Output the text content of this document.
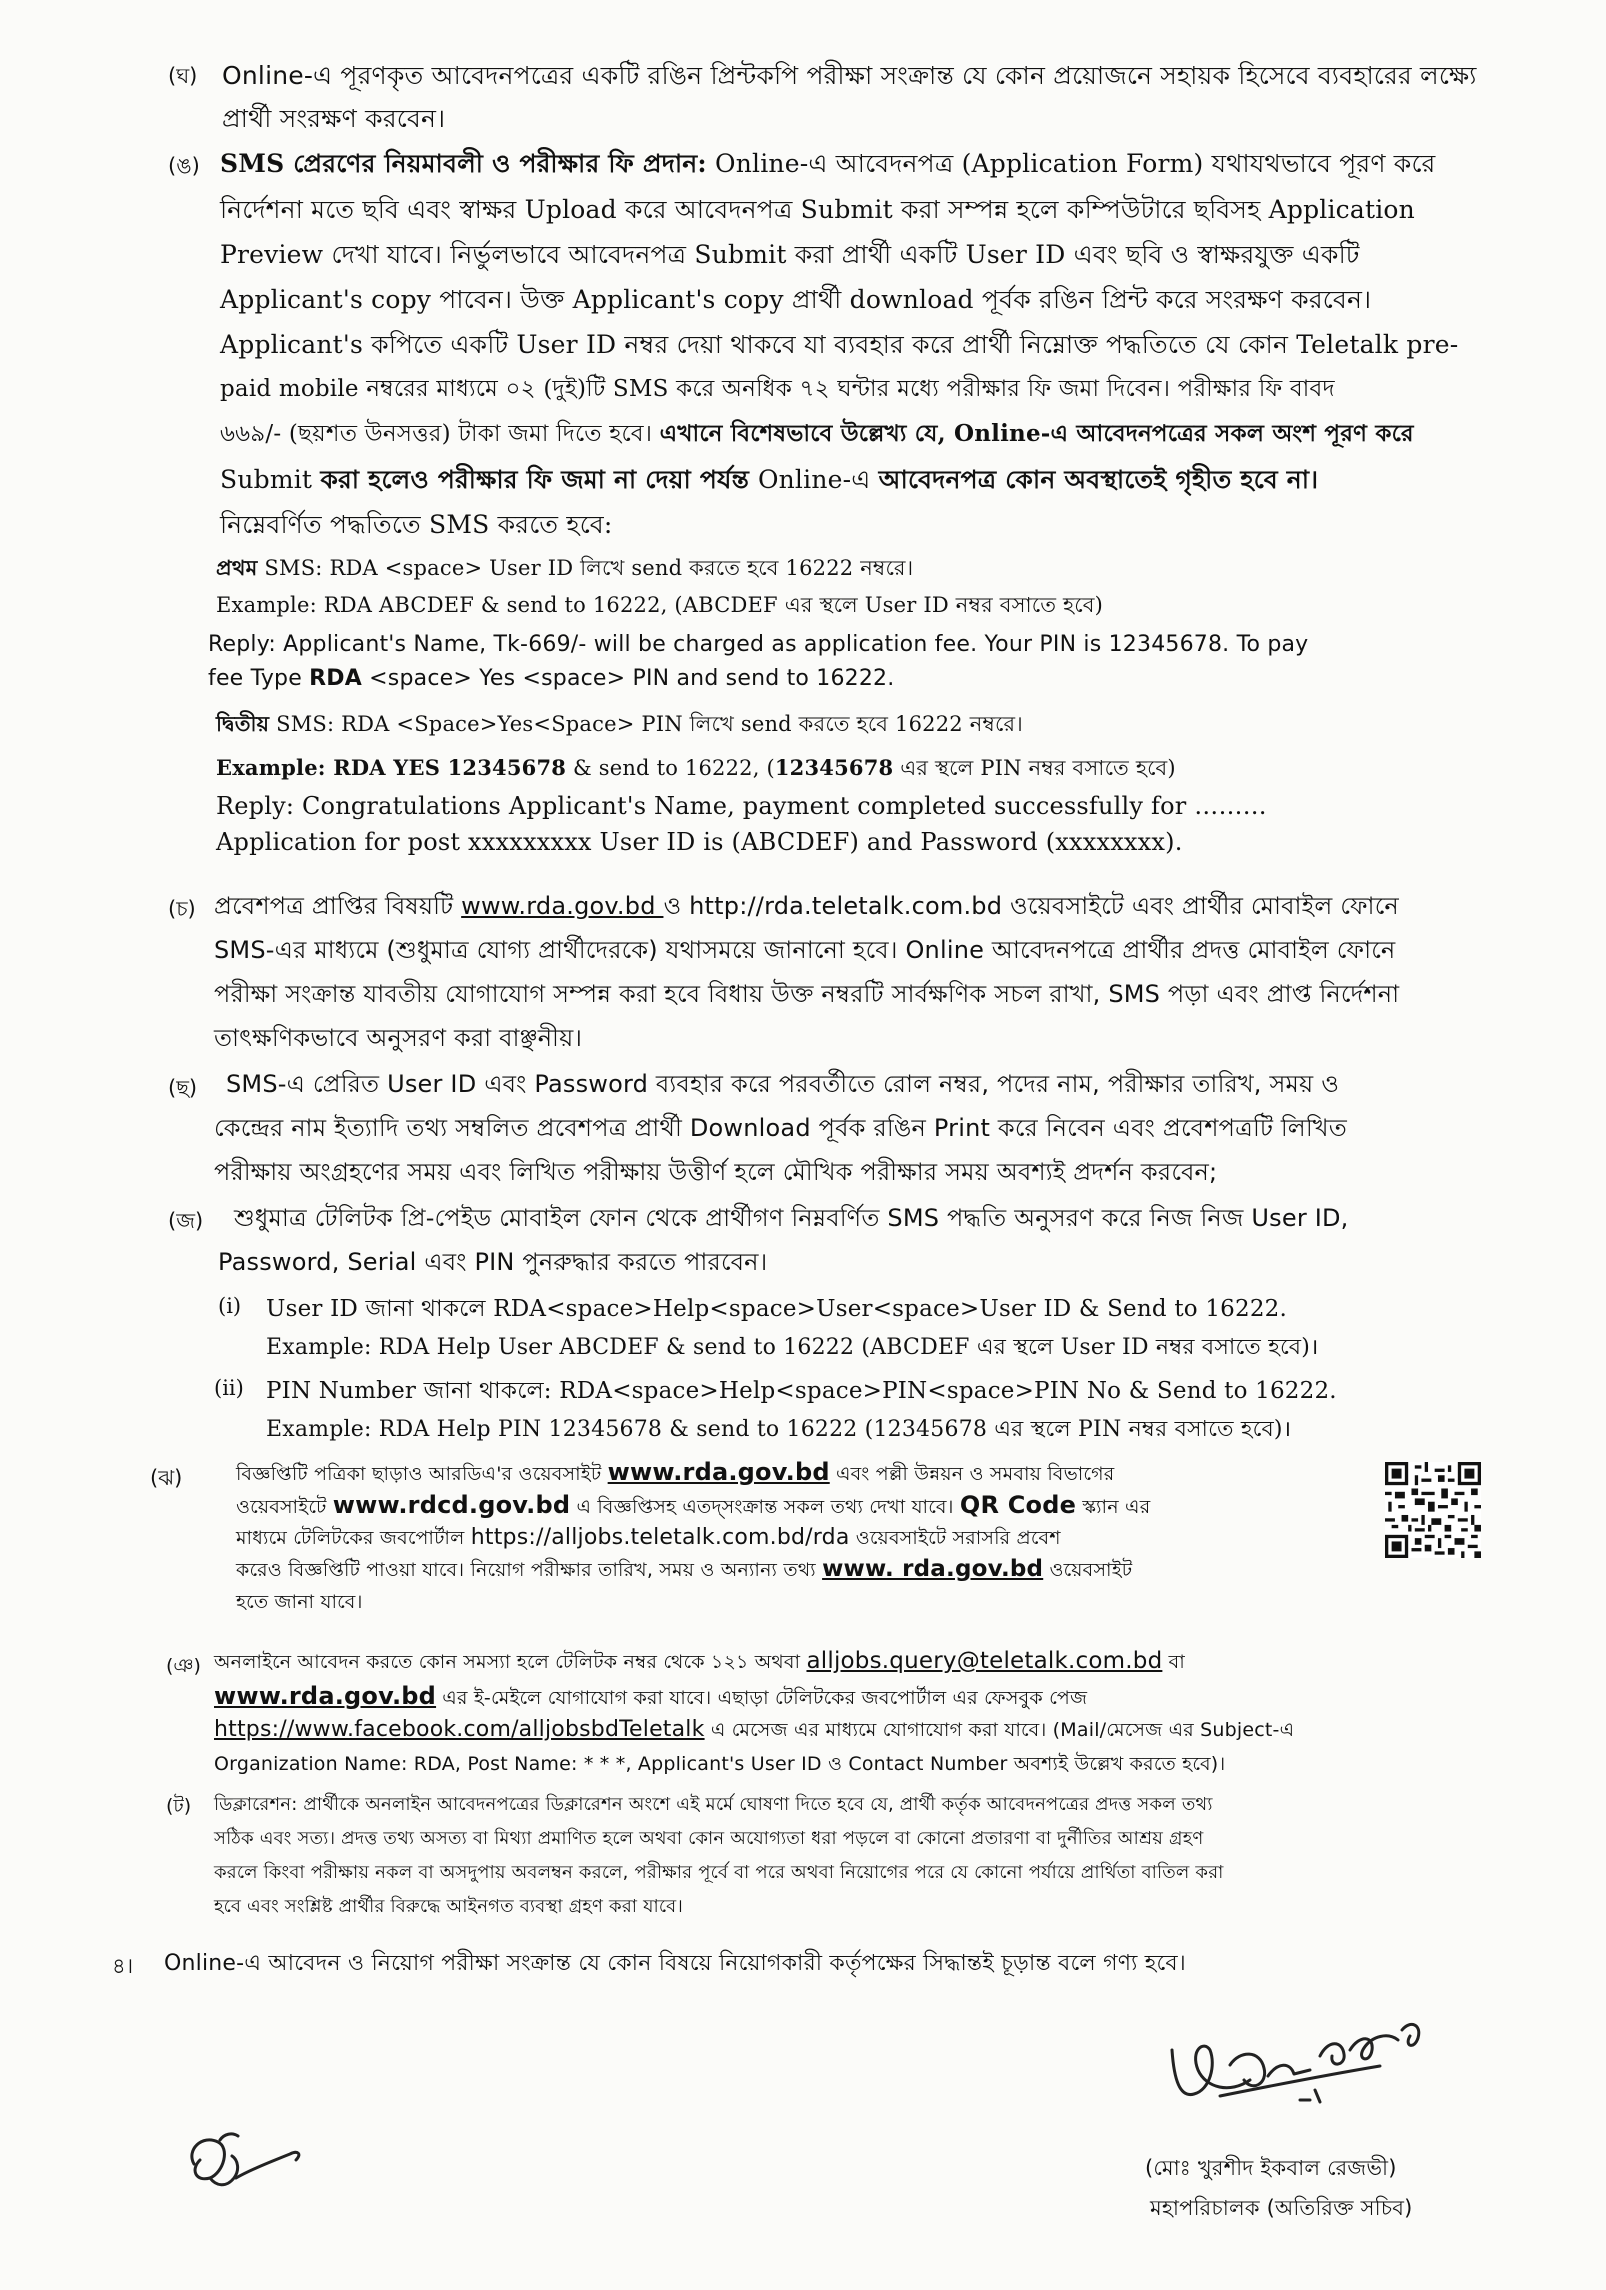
(ঘ) Online-এ পূরণকৃত আবেদনপত্রের একটি রঙিন প্রিন্টকপি পরীক্ষা সংক্রান্ত যে কোন প্রয়োজনে সহায়ক হিসেবে ব্যবহারের লক্ষ্যে
প্রার্থী সংরক্ষণ করবেন।
(ঙ) SMS প্রেরণের নিয়মাবলী ও পরীক্ষার ফি প্রদান: Online-এ আবেদনপত্র (Application Form) যথাযথভাবে পূরণ করে
নির্দেশনা মতে ছবি এবং স্বাক্ষর Upload করে আবেদনপত্র Submit করা সম্পন্ন হলে কম্পিউটারে ছবিসহ Application
Preview দেখা যাবে। নির্ভুলভাবে আবেদনপত্র Submit করা প্রার্থী একটি User ID এবং ছবি ও স্বাক্ষরযুক্ত একটি
Applicant's copy পাবেন। উক্ত Applicant's copy প্রার্থী download পূর্বক রঙিন প্রিন্ট করে সংরক্ষণ করবেন।
Applicant's কপিতে একটি User ID নম্বর দেয়া থাকবে যা ব্যবহার করে প্রার্থী নিম্নোক্ত পদ্ধতিতে যে কোন Teletalk pre-
paid mobile নম্বরের মাধ্যমে ০২ (দুই)টি SMS করে অনধিক ৭২ ঘন্টার মধ্যে পরীক্ষার ফি জমা দিবেন। পরীক্ষার ফি বাবদ
৬৬৯/- (ছয়শত উনসত্তর) টাকা জমা দিতে হবে। এখানে বিশেষভাবে উল্লেখ্য যে, Online-এ আবেদনপত্রের সকল অংশ পূরণ করে
Submit করা হলেও পরীক্ষার ফি জমা না দেয়া পর্যন্ত Online-এ আবেদনপত্র কোন অবস্থাতেই গৃহীত হবে না।
নিম্নেবর্ণিত পদ্ধতিতে SMS করতে হবে:
প্রথম SMS: RDA <space> User ID লিখে send করতে হবে 16222 নম্বরে।
Example: RDA ABCDEF & send to 16222, (ABCDEF এর স্থলে User ID নম্বর বসাতে হবে)
Reply: Applicant's Name, Tk-669/- will be charged as application fee. Your PIN is 12345678. To pay
fee Type RDA <space> Yes <space> PIN and send to 16222.
দ্বিতীয় SMS: RDA <Space>Yes<Space> PIN লিখে send করতে হবে 16222 নম্বরে।
Example: RDA YES 12345678 & send to 16222, (12345678 এর স্থলে PIN নম্বর বসাতে হবে)
Reply: Congratulations Applicant's Name, payment completed successfully for ………
Application for post xxxxxxxxx User ID is (ABCDEF) and Password (xxxxxxxx).
(চ) প্রবেশপত্র প্রাপ্তির বিষয়টি www.rda.gov.bd ও http://rda.teletalk.com.bd ওয়েবসাইটে এবং প্রার্থীর মোবাইল ফোনে
SMS-এর মাধ্যমে (শুধুমাত্র যোগ্য প্রার্থীদেরকে) যথাসময়ে জানানো হবে। Online আবেদনপত্রে প্রার্থীর প্রদত্ত মোবাইল ফোনে
পরীক্ষা সংক্রান্ত যাবতীয় যোগাযোগ সম্পন্ন করা হবে বিধায় উক্ত নম্বরটি সার্বক্ষণিক সচল রাখা, SMS পড়া এবং প্রাপ্ত নির্দেশনা
তাৎক্ষণিকভাবে অনুসরণ করা বাঞ্ছনীয়।
(ছ) SMS-এ প্রেরিত User ID এবং Password ব্যবহার করে পরবর্তীতে রোল নম্বর, পদের নাম, পরীক্ষার তারিখ, সময় ও
কেন্দ্রের নাম ইত্যাদি তথ্য সম্বলিত প্রবেশপত্র প্রার্থী Download পূর্বক রঙিন Print করে নিবেন এবং প্রবেশপত্রটি লিখিত
পরীক্ষায় অংগ্রহণের সময় এবং লিখিত পরীক্ষায় উত্তীর্ণ হলে মৌখিক পরীক্ষার সময় অবশ্যই প্রদর্শন করবেন;
(জ) শুধুমাত্র টেলিটক প্রি-পেইড মোবাইল ফোন থেকে প্রার্থীগণ নিম্নবর্ণিত SMS পদ্ধতি অনুসরণ করে নিজ নিজ User ID,
Password, Serial এবং PIN পুনরুদ্ধার করতে পারবেন।
(i) User ID জানা থাকলে RDA<space>Help<space>User<space>User ID & Send to 16222.
Example: RDA Help User ABCDEF & send to 16222 (ABCDEF এর স্থলে User ID নম্বর বসাতে হবে)।
(ii) PIN Number জানা থাকলে: RDA<space>Help<space>PIN<space>PIN No & Send to 16222.
Example: RDA Help PIN 12345678 & send to 16222 (12345678 এর স্থলে PIN নম্বর বসাতে হবে)।
(ঝ)	বিজ্ঞপ্তিটি পত্রিকা ছাড়াও আরডিএ'র ওয়েবসাইট www.rda.gov.bd এবং পল্লী উন্নয়ন ও সমবায় বিভাগের
ওয়েবসাইটে www.rdcd.gov.bd এ বিজ্ঞপ্তিসহ এতদ্সংক্রান্ত সকল তথ্য দেখা যাবে। QR Code স্ক্যান এর
মাধ্যমে টেলিটকের জবপোর্টাল https://alljobs.teletalk.com.bd/rda ওয়েবসাইটে সরাসরি প্রবেশ
করেও বিজ্ঞপ্তিটি পাওয়া যাবে। নিয়োগ পরীক্ষার তারিখ, সময় ও অন্যান্য তথ্য www. rda.gov.bd ওয়েবসাইট
হতে জানা যাবে।
(ঞ) অনলাইনে আবেদন করতে কোন সমস্যা হলে টেলিটক নম্বর থেকে ১২১ অথবা alljobs.query@teletalk.com.bd বা
www.rda.gov.bd এর ই-মেইলে যোগাযোগ করা যাবে। এছাড়া টেলিটকের জবপোর্টাল এর ফেসবুক পেজ
https://www.facebook.com/alljobsbdTeletalk এ মেসেজ এর মাধ্যমে যোগাযোগ করা যাবে। (Mail/মেসেজ এর Subject-এ
Organization Name: RDA, Post Name: * * *, Applicant's User ID ও Contact Number অবশ্যই উল্লেখ করতে হবে)।
(ট) ডিক্লারেশন: প্রার্থীকে অনলাইন আবেদনপত্রের ডিক্লারেশন অংশে এই মর্মে ঘোষণা দিতে হবে যে, প্রার্থী কর্তৃক আবেদনপত্রের প্রদত্ত সকল তথ্য
সঠিক এবং সত্য। প্রদত্ত তথ্য অসত্য বা মিথ্যা প্রমাণিত হলে অথবা কোন অযোগ্যতা ধরা পড়লে বা কোনো প্রতারণা বা দুর্নীতির আশ্রয় গ্রহণ
করলে কিংবা পরীক্ষায় নকল বা অসদুপায় অবলম্বন করলে, পরীক্ষার পূর্বে বা পরে অথবা নিয়োগের পরে যে কোনো পর্যায়ে প্রার্থিতা বাতিল করা
হবে এবং সংশ্লিষ্ট প্রার্থীর বিরুদ্ধে আইনগত ব্যবস্থা গ্রহণ করা যাবে।
৪। Online-এ আবেদন ও নিয়োগ পরীক্ষা সংক্রান্ত যে কোন বিষয়ে নিয়োগকারী কর্তৃপক্ষের সিদ্ধান্তই চূড়ান্ত বলে গণ্য হবে।
(মোঃ খুরশীদ ইকবাল রেজভী)
মহাপরিচালক (অতিরিক্ত সচিব)
